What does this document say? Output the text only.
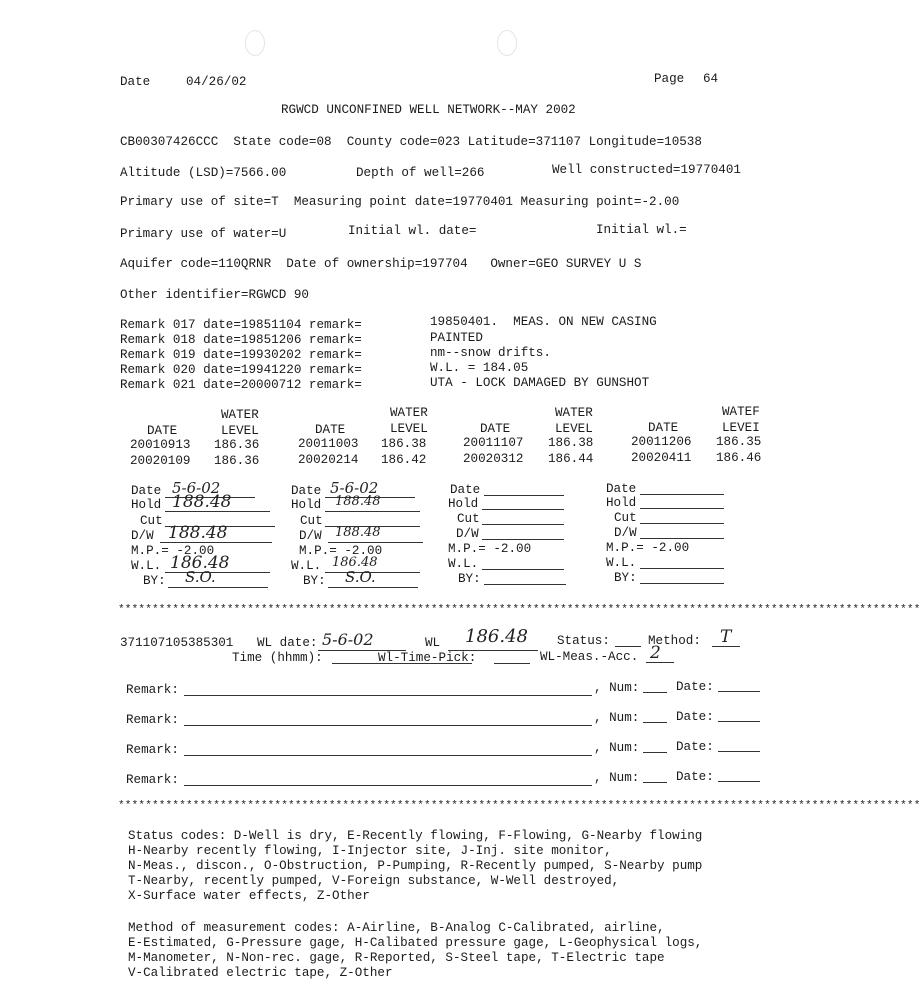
Date	04/26/02	Page 64
RGWCD UNCONFINED WELL NETWORK--MAY 2002
CB00307426CCC  State code=08  County code=023 Latitude=371107 Longitude=10538
Altitude (LSD)=7566.00	Depth of well=266	Well constructed=19770401
Primary use of site=T  Measuring point date=19770401 Measuring point=-2.00
Primary use of water=U	Initial wl. date=	Initial wl.=
Aquifer code=110QRNR  Date of ownership=197704   Owner=GEO SURVEY U S
Other identifier=RGWCD 90
Remark 017 date=19851104 remark=	19850401.  MEAS. ON NEW CASING
Remark 018 date=19851206 remark=	PAINTED
Remark 019 date=19930202 remark=	nm--snow drifts.
Remark 020 date=19941220 remark=	W.L. = 184.05
Remark 021 date=20000712 remark=	UTA - LOCK DAMAGED BY GUNSHOT
WATER	WATER	WATER	WATEF
DATE	LEVEL	DATE	LEVEL	DATE	LEVEL	DATE	LEVEI
20010913 186.36	20011003 186.38	20011107 186.38	20011206 186.35
20020109 186.36	20020214 186.42	20020312 186.44	20020411 186.46
Date 5-6-02
Hold 188.48
Cut
D/W 188.48
M.P.= -2.00
W.L. 186.48
BY: S.O.
Date 5-6-02
Hold 188.48
Cut
D/W 188.48
M.P.= -2.00
W.L. 186.48
BY: S.O.
Date
Hold
Cut
D/W
M.P.= -2.00
W.L.
BY:
Date
Hold
Cut
D/W
M.P.= -2.00
W.L.
BY:
**********************************************************************************************************************
371107105385301 WL date: 5-6-02	WL 186.48 Status:	Method: T
Time (hhmm):	Wl-Time-Pick:	WL-Meas.-Acc. 2
Remark:	, Num:	Date:
Remark:	, Num:	Date:
Remark:	, Num:	Date:
Remark:	, Num:	Date:
**********************************************************************************************************************
Status codes: D-Well is dry, E-Recently flowing, F-Flowing, G-Nearby flowing
H-Nearby recently flowing, I-Injector site, J-Inj. site monitor,
N-Meas., discon., O-Obstruction, P-Pumping, R-Recently pumped, S-Nearby pump
T-Nearby, recently pumped, V-Foreign substance, W-Well destroyed,
X-Surface water effects, Z-Other
Method of measurement codes: A-Airline, B-Analog C-Calibrated, airline,
E-Estimated, G-Pressure gage, H-Calibated pressure gage, L-Geophysical logs,
M-Manometer, N-Non-rec. gage, R-Reported, S-Steel tape, T-Electric tape
V-Calibrated electric tape, Z-Other
